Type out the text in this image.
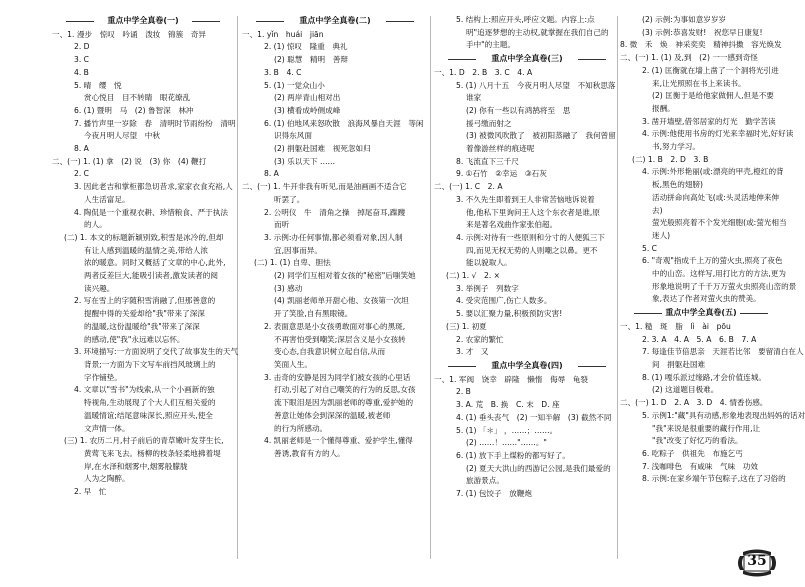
重点中学全真卷(一)
一、1. 漫步　惊叹　吟诵　泼妆　锦簇　奇异
2. D
3. C
4. B
5. 晴　缨　悦
赏心悦目　目不转睛　眼花缭乱
6. (1) 暨明　马　(2) 鲁智深　林冲
7. 播竹声里一岁除　春　清明时节雨纷纷　清明
今夜月明人尽望　中秋
8. A
二、(一) 1. (1) 拿　(2) 说　(3) 你　(4) 鞭打
2. C
3. 因此老吉和掌柜都急切昔求,家家衣食充裕,人
人生活富足。
4. 陶侃是一个重视衣耕、珍惜粮食、严于执法
的人。
(二) 1. 本文的标题新颖别致,积雪是冰冷的,但却
有让人感到温暖的温情之美,带给人浓
浓的暖意。同时又概括了文章的中心,此外,
两者反差巨大,能吸引读者,激发读者的阅
读兴趣。
2. 写在雪上的字随积雪消融了,但那善意的
提醒中得的关爱却给"我"带来了深深
的温暖,这份温暖给"我"带来了深深
的感动,使"我"永远难以忘怀。
3. 环境描写:一方面说明了交代了故事发生的天气
背景;一方面为下文写车前挡风玻璃上的
字作铺垫。
4. 文章以"雪书"为线索,从一个小画新的独
特视角,生动展现了个大人们互相关爱的
温暖情谊;结尾意味深长,照应开头,使全
文声情一体。
(三) 1. 农历二月,村子前后的青草嫩叶发芽生长,
黄莺飞来飞去。杨柳的枝条轻柔地拂着堤
岸,在水泽和烟雾中,烟雾般朦胧
人为之陶醉。
2. 早　忙
重点中学全真卷(二)
一、1. yǐn　huái　jiān
2. (1) 惊叹　隆重　典礼
(2) 聪慧　精明　善辩
3. B　4. C
5. (1) 一觉众山小
(2) 两岸青山相对出
(3) 横看成岭侧成峰
6. (1) 伯地风来怒吹散　浪海风暴自天涯　等闲
识得东风面
(2) 捐躯赴国难　视死忽如归
(3) 乐以天下 ……
8. A
二、(一) 1. 牛开非我有听见,而是油画画不适合它
听罢了。
2. 公明仪　牛　清角之操　掉尾奋耳,蹀躞
而听
3. 示例:办任何事情,都必须看对象,因人制
宜,因事而异。
(二) 1. (1) 自卑、胆怯
(2) 同学们互相对着女孩的"秘密"后嗤笑她
(3) 感动
(4) 凯丽老师单开甜心他、女孩第一次坦
开了笑脸,自有黑眼镜。
2. 表面意思是小女孩勇敢面对事心的黑斑,
不再害怕受到嘲笑;深层含义是小女孩转
变心态,自我意识树立起自信,从而
笑面人生。
3. 击奇的安静是因为同学们被女孩的心里话
打动,引起了对自己嘲笑的行为的反思,女孩
流下眼泪是因为凯丽老师的尊重,爱护她的
善意让她体会到深深的温暖,被老师
的行为所感动。
4. 凯丽老师是一个懂得尊重、爱护学生,懂得
善诱,教育有方的人。
5. 结构上:照应开头,呼应文题。内容上:点
明"追逐梦想的主动权,就掌握在我们自己的
手中"的主题。
重点中学全真卷(三)
一、1. D　2. B　3. C　4. A
5. (1) 八月十五　今夜月明人尽望　不知秋思落
谁家
(2) 你有一些以有鸿鹄将至　思
援弓缴而射之
(3) 被微风吹散了　被初阳蒸融了　我何曾留
着像游丝样的痕迹呢
8. 飞流直下三千尺
9. ①石竹　②幸运　③石灰
二、(一) 1. C　2. A
3. 不久先生即着到王人非常苦恼地诉说着
他,他私下里询问王人这个东衣者是谁,原
来是著名戏曲作家张伯超。
4. 示例:对待有一些原则和分寸的人便狐三下
四,而见无权无势的人则嘲之以鼻。更不
能以貌取人。
(二) 1. √　2. ×
3. 举例子　列数字
4. 受灾范围广,伤亡人数多。
5. 要以汇聚力量,积极预防灾害!
(三) 1. 初夏
2. 农家的繁忙
3. 才　又
重点中学全真卷(四)
一、1. 军阀　饶幸　辟隆　懒惰　侮辱　龟裂
2. B
3. A. 荒　B. 换　C. 末　D. 座
4. (1) 垂头丧气　(2) 一知半解　(3) 截然不同
5. (1) 「＊」 ，……；……。
(2) ……！……"……。"
6. (1) 放下手上煤粉的都写好了。
(2) 夏天大洪山的西游记公园,是我们最爱的
旅游景点。
7. (1) 包饺子　放鞭炮
(2) 示例:为事如意岁岁岁
(3) 示例:恭喜发财!　祝您早日康复!
8. 微　禾　焕　神采奕奕　精神抖擞　容光焕发
二、(一) 1. (1) 及,到　(2) 一一感到奇怪
2. (1) 匡衡就在墙上凿了一个洞将光引进
来,让光照照在书上来读书。
(2) 匡衡于是给他家做佣人,但是不要
报酬。
3. 凿开墙壁,借邻居家的灯光　勤学苦读
4. 示例:他使用书房的灯光来幸福时光,好好读
书,努力学习。
(二) 1. B　2. D　3. B
4. 示例:外形艳丽(或:漂亮的甲壳,橙红的背
板,黑色的翅膀)
活动拼命向高处飞(或:头灵活地伸来伸
去)
萤光般照亮着不个发光细胞(或:萤光相当
迷人)
5. C
6. "奇观"指成千上万的萤火虫,照亮了夜色
中的山峦。这样写,用打比方的方法,更为
形象地说明了千千万万萤火虫照亮山峦的景
象,表达了作者对萤火虫的赞美。
重点中学全真卷(五)
一、1. 糙　斑　脂　lì　ài　pōu
2. 3. A　4. A　5. A　6. B　7. A
7. 每逢佳节倍思亲　天涯若比邻　要留清白在人
间　捐躯赴国难
8. (1) 嘎乐派过缘路,才会价值连城。
(2) 这道题目极难。
二、(一) 1. D　2. A　3. D　4. 情香伤感。
5. 示例1:"藏"具有动感,形象地表现出妈妈的话对
"我"来说是很重要的藏行作用,让
"我"改变了好忆巧的看法。
6. 吃粽子　供祖先　布施乞丐
7. 浅咖啡色　有咸味　气味　功效
8. 示例:在家乡端午节包粽子,这在了习俗的
35
